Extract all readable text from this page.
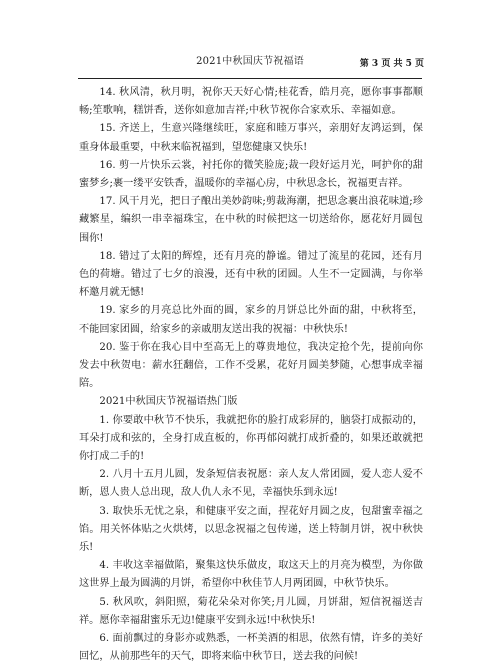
2021中秋国庆节祝福语	第 3 页 共 5 页

14. 秋风清，秋月明，祝你天天好心情;桂花香，皓月亮，愿你事事都顺畅;笙歌响，糕饼香，送你如意加吉祥;中秋节祝你合家欢乐、幸福如意。

15. 齐送上，生意兴隆继续旺，家庭和睦万事兴，亲朋好友鸿运到，保重身体最重要，中秋来临祝福到，望您健康又快乐!

16. 剪一片快乐云裳，衬托你的微笑脸庞;裁一段好运月光，呵护你的甜蜜梦乡;裹一缕平安铁香，温暖你的幸福心房，中秋思念长，祝福更吉祥。

17. 风干月光，把日子酿出美妙韵味;剪裁海潮，把思念裹出浪花味道;珍藏繁星，编织一串幸福珠宝，在中秋的时候把这一切送给你，愿花好月圆包围你!

18. 错过了太阳的辉煌，还有月亮的静谧。错过了流星的花园，还有月色的荷塘。错过了七夕的浪漫，还有中秋的团圆。人生不一定圆满，与你举杯邀月就无憾!

19. 家乡的月亮总比外面的圆，家乡的月饼总比外面的甜，中秋将至，不能回家团圆，给家乡的亲戚朋友送出我的祝福：中秋快乐!

20. 鉴于你在我心目中至高无上的尊贵地位，我决定抢个先，提前向你发去中秋贺电：薪水狂翻倍，工作不受累，花好月圆美梦随，心想事成幸福陪。

2021中秋国庆节祝福语热门版

1. 你要敢中秋节不快乐，我就把你的脸打成彩屏的，脑袋打成振动的，耳朵打成和弦的，全身打成直板的，你再郁闷就打成折叠的，如果还敢就把你打成二手的!

2. 八月十五月儿圆，发条短信表祝愿：亲人友人常团圆，爱人恋人爱不断，恩人贵人总出现，敌人仇人永不见，幸福快乐到永远!

3. 取快乐无忧之泉，和健康平安之面，捏花好月圆之皮，包甜蜜幸福之馅。用关怀体贴之火烘烤，以思念祝福之包传递，送上特制月饼，祝中秋快乐!

4. 丰收这幸福做陷，聚集这快乐做皮，取这天上的月亮为模型，为你做这世界上最为圆满的月饼，希望你中秋佳节人月两团圆，中秋节快乐。

5. 秋风吹，斜阳照，菊花朵朵对你笑;月儿圆，月饼甜，短信祝福送吉祥。愿你幸福甜蜜乐无边!健康平安到永远!中秋快乐!

6. 面前飘过的身影亦或熟悉，一杯美酒的相思，依然有情，许多的美好回忆，从前那些年的天气，即将来临中秋节日，送去我的问候!
